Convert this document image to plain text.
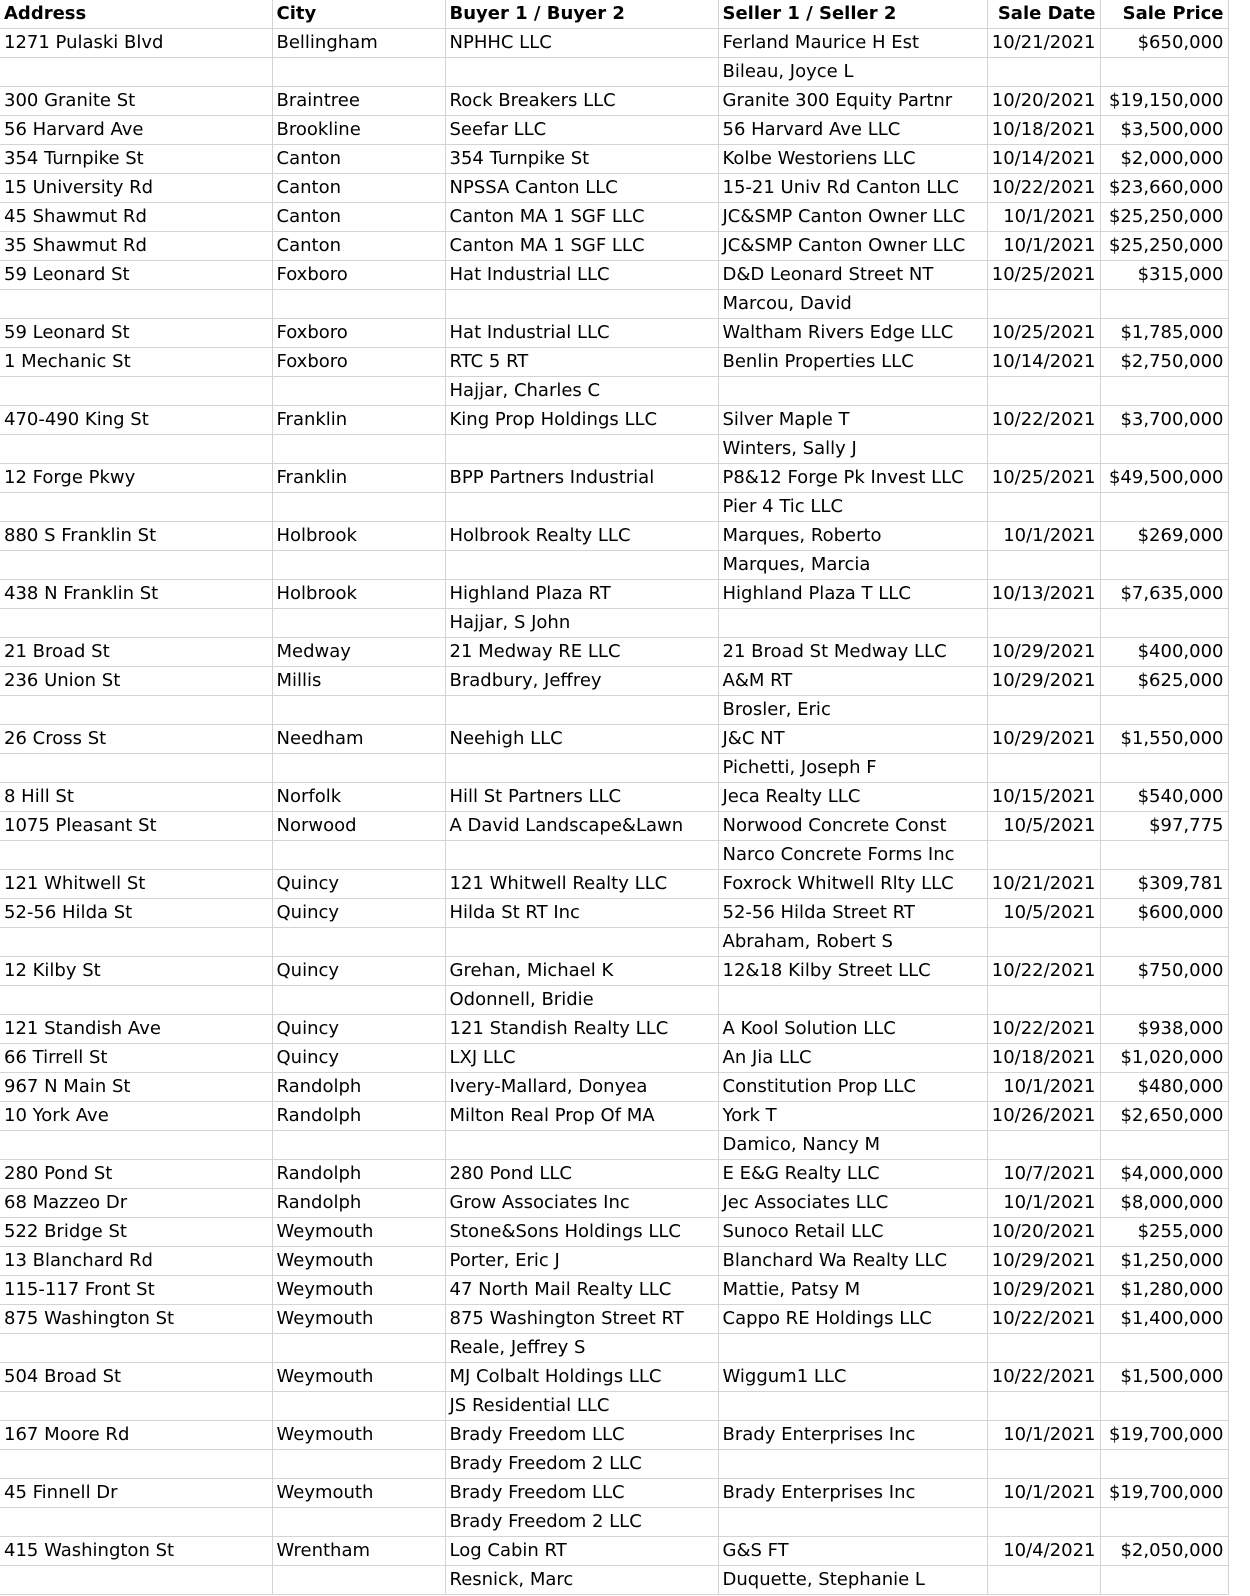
Address	City	Buyer 1 / Buyer 2	Seller 1 / Seller 2	Sale Date	Sale Price
1271 Pulaski Blvd	Bellingham	NPHHC LLC	Ferland Maurice H Est	10/21/2021	$650,000
			Bileau, Joyce L		
300 Granite St	Braintree	Rock Breakers LLC	Granite 300 Equity Partnr	10/20/2021	$19,150,000
56 Harvard Ave	Brookline	Seefar LLC	56 Harvard Ave LLC	10/18/2021	$3,500,000
354 Turnpike St	Canton	354 Turnpike St	Kolbe Westoriens LLC	10/14/2021	$2,000,000
15 University Rd	Canton	NPSSA Canton LLC	15-21 Univ Rd Canton LLC	10/22/2021	$23,660,000
45 Shawmut Rd	Canton	Canton MA 1 SGF LLC	JC&SMP Canton Owner LLC	10/1/2021	$25,250,000
35 Shawmut Rd	Canton	Canton MA 1 SGF LLC	JC&SMP Canton Owner LLC	10/1/2021	$25,250,000
59 Leonard St	Foxboro	Hat Industrial LLC	D&D Leonard Street NT	10/25/2021	$315,000
			Marcou, David		
59 Leonard St	Foxboro	Hat Industrial LLC	Waltham Rivers Edge LLC	10/25/2021	$1,785,000
1 Mechanic St	Foxboro	RTC 5 RT	Benlin Properties LLC	10/14/2021	$2,750,000
		Hajjar, Charles C			
470-490 King St	Franklin	King Prop Holdings LLC	Silver Maple T	10/22/2021	$3,700,000
			Winters, Sally J		
12 Forge Pkwy	Franklin	BPP Partners Industrial	P8&12 Forge Pk Invest LLC	10/25/2021	$49,500,000
			Pier 4 Tic LLC		
880 S Franklin St	Holbrook	Holbrook Realty LLC	Marques, Roberto	10/1/2021	$269,000
			Marques, Marcia		
438 N Franklin St	Holbrook	Highland Plaza RT	Highland Plaza T LLC	10/13/2021	$7,635,000
		Hajjar, S John			
21 Broad St	Medway	21 Medway RE LLC	21 Broad St Medway LLC	10/29/2021	$400,000
236 Union St	Millis	Bradbury, Jeffrey	A&M RT	10/29/2021	$625,000
			Brosler, Eric		
26 Cross St	Needham	Neehigh LLC	J&C NT	10/29/2021	$1,550,000
			Pichetti, Joseph F		
8 Hill St	Norfolk	Hill St Partners LLC	Jeca Realty LLC	10/15/2021	$540,000
1075 Pleasant St	Norwood	A David Landscape&Lawn	Norwood Concrete Const	10/5/2021	$97,775
			Narco Concrete Forms Inc		
121 Whitwell St	Quincy	121 Whitwell Realty LLC	Foxrock Whitwell Rlty LLC	10/21/2021	$309,781
52-56 Hilda St	Quincy	Hilda St RT Inc	52-56 Hilda Street RT	10/5/2021	$600,000
			Abraham, Robert S		
12 Kilby St	Quincy	Grehan, Michael K	12&18 Kilby Street LLC	10/22/2021	$750,000
		Odonnell, Bridie			
121 Standish Ave	Quincy	121 Standish Realty LLC	A Kool Solution LLC	10/22/2021	$938,000
66 Tirrell St	Quincy	LXJ LLC	An Jia LLC	10/18/2021	$1,020,000
967 N Main St	Randolph	Ivery-Mallard, Donyea	Constitution Prop LLC	10/1/2021	$480,000
10 York Ave	Randolph	Milton Real Prop Of MA	York T	10/26/2021	$2,650,000
			Damico, Nancy M		
280 Pond St	Randolph	280 Pond LLC	E E&G Realty LLC	10/7/2021	$4,000,000
68 Mazzeo Dr	Randolph	Grow Associates Inc	Jec Associates LLC	10/1/2021	$8,000,000
522 Bridge St	Weymouth	Stone&Sons Holdings LLC	Sunoco Retail LLC	10/20/2021	$255,000
13 Blanchard Rd	Weymouth	Porter, Eric J	Blanchard Wa Realty LLC	10/29/2021	$1,250,000
115-117 Front St	Weymouth	47 North Mail Realty LLC	Mattie, Patsy M	10/29/2021	$1,280,000
875 Washington St	Weymouth	875 Washington Street RT	Cappo RE Holdings LLC	10/22/2021	$1,400,000
		Reale, Jeffrey S			
504 Broad St	Weymouth	MJ Colbalt Holdings LLC	Wiggum1 LLC	10/22/2021	$1,500,000
		JS Residential LLC			
167 Moore Rd	Weymouth	Brady Freedom LLC	Brady Enterprises Inc	10/1/2021	$19,700,000
		Brady Freedom 2 LLC			
45 Finnell Dr	Weymouth	Brady Freedom LLC	Brady Enterprises Inc	10/1/2021	$19,700,000
		Brady Freedom 2 LLC			
415 Washington St	Wrentham	Log Cabin RT	G&S FT	10/4/2021	$2,050,000
		Resnick, Marc	Duquette, Stephanie L		
